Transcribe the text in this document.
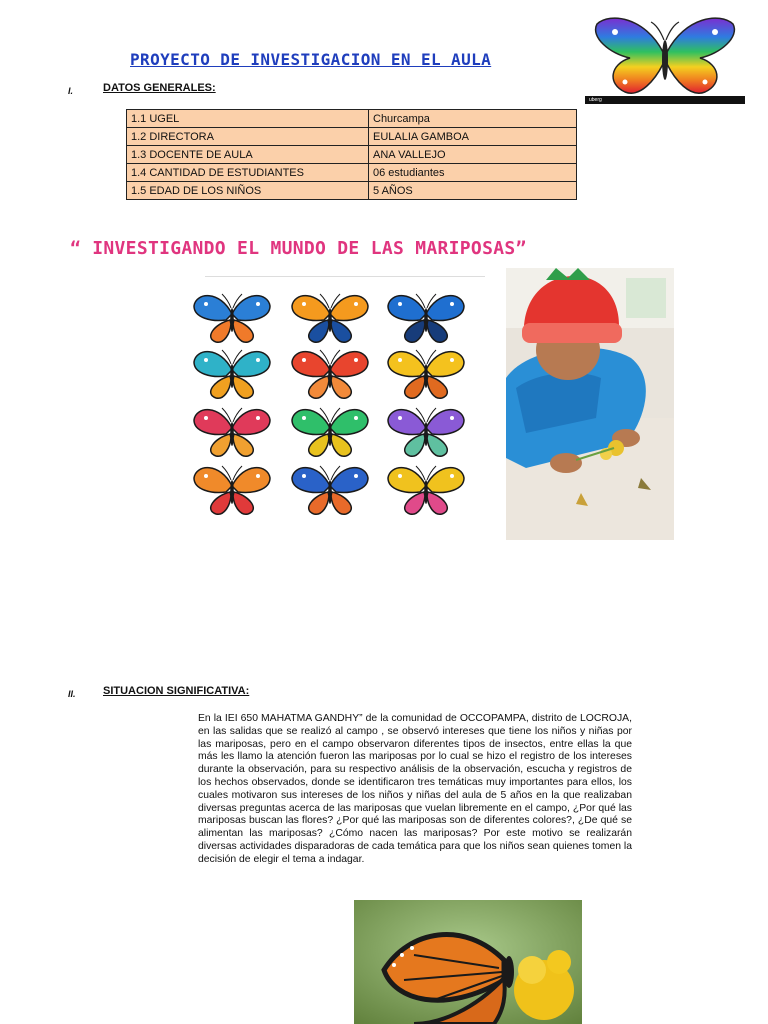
PROYECTO DE INVESTIGACION EN EL AULA
uberg
I.	DATOS GENERALES:
1.1 UGEL	Churcampa
1.2 DIRECTORA	EULALIA GAMBOA
1.3 DOCENTE DE AULA	ANA VALLEJO
1.4 CANTIDAD DE ESTUDIANTES	06 estudiantes
1.5 EDAD DE LOS NIÑOS	5 AÑOS
“ INVESTIGANDO EL MUNDO DE LAS MARIPOSAS”
II. SITUACION SIGNIFICATIVA:
En la IEI 650 MAHATMA GANDHY” de la comunidad de OCCOPAMPA, distrito de LOCROJA, en las salidas que se realizó al campo , se observó intereses que tiene los niños y niñas por las mariposas, pero en el campo observaron diferentes tipos de insectos, entre ellas la que más les llamo la atención fueron las mariposas por lo cual se hizo el registro de los intereses durante la observación, para su respectivo análisis de la observación, escucha y registros de los hechos observados, donde se identificaron tres temáticas muy importantes para ellos, los cuales motivaron sus intereses de los niños y niñas del aula de 5 años en la que realizaban diversas preguntas acerca de las mariposas que vuelan libremente en el campo, ¿Por qué las mariposas buscan las flores? ¿Por qué las mariposas son de diferentes colores?, ¿De qué se alimentan las mariposas? ¿Cómo nacen las mariposas? Por este motivo se realizarán diversas actividades disparadoras de cada temática para que los niños sean quienes tomen la decisión de elegir el tema a indagar.
